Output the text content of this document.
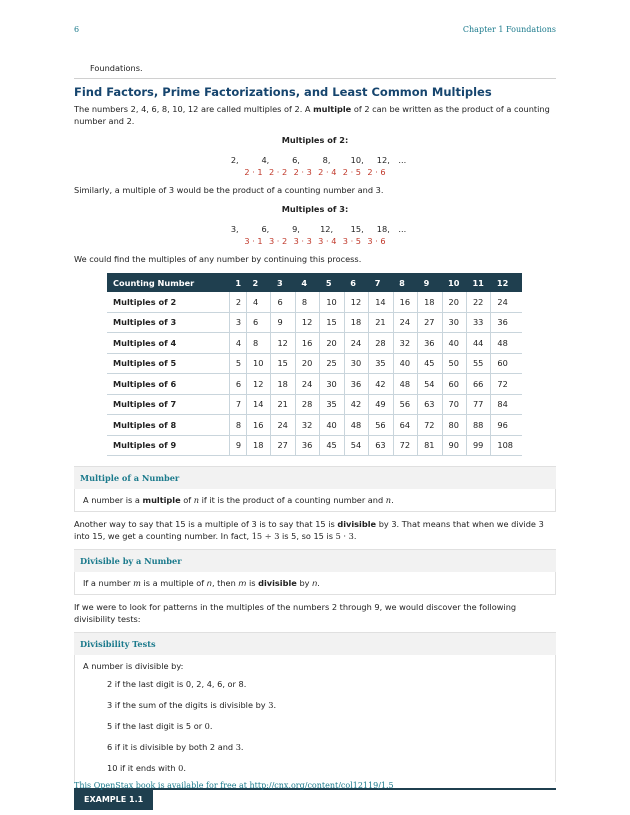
6	Chapter 1 Foundations
Foundations.
Find Factors, Prime Factorizations, and Least Common Multiples

The numbers 2, 4, 6, 8, 10, 12 are called multiples of 2. A multiple of 2 can be written as the product of a counting number and 2.

Multiples of 2:
2,	4,	6,	8, 10, 12, ...
2 · 1 2 · 2 2 · 3 2 · 4 2 · 5 2 · 6

Similarly, a multiple of 3 would be the product of a counting number and 3.

Multiples of 3:
3,	6,	9, 12, 15, 18, ...
3 · 1 3 · 2 3 · 3 3 · 4 3 · 5 3 · 6

We could find the multiples of any number by continuing this process.

Counting Number	1	2	3	4	5	6	7	8	9	10	11	12
Multiples of 2	2	4	6	8	10	12	14	16	18	20	22	24
Multiples of 3	3	6	9	12	15	18	21	24	27	30	33	36
Multiples of 4	4	8	12	16	20	24	28	32	36	40	44	48
Multiples of 5	5	10	15	20	25	30	35	40	45	50	55	60
Multiples of 6	6	12	18	24	30	36	42	48	54	60	66	72
Multiples of 7	7	14	21	28	35	42	49	56	63	70	77	84
Multiples of 8	8	16	24	32	40	48	56	64	72	80	88	96
Multiples of 9	9	18	27	36	45	54	63	72	81	90	99	108
Multiple of a Number
A number is a multiple of n if it is the product of a counting number and n.

Another way to say that 15 is a multiple of 3 is to say that 15 is divisible by 3. That means that when we divide 3 into 15, we get a counting number. In fact, 15 ÷ 3 is 5, so 15 is 5 · 3.

Divisible by a Number
If a number m is a multiple of n, then m is divisible by n.

If we were to look for patterns in the multiples of the numbers 2 through 9, we would discover the following divisibility tests:

Divisibility Tests
A number is divisible by:
2 if the last digit is 0, 2, 4, 6, or 8.
3 if the sum of the digits is divisible by 3.
5 if the last digit is 5 or 0.
6 if it is divisible by both 2 and 3.
10 if it ends with 0.
EXAMPLE 1.1
This OpenStax book is available for free at http://cnx.org/content/col12119/1.5
